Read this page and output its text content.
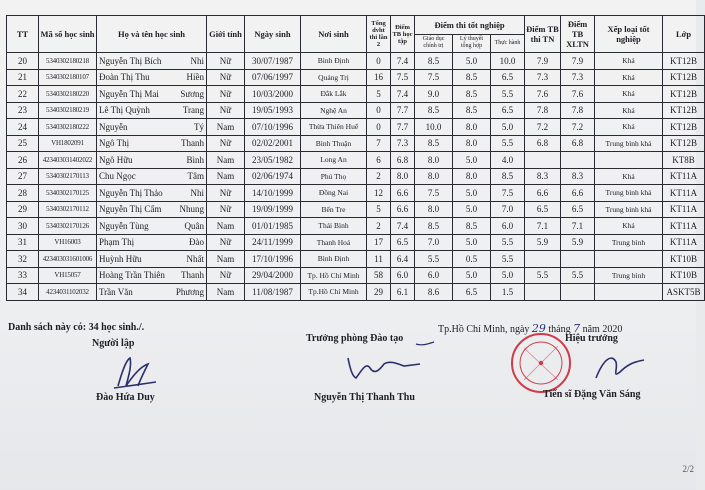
TT	Mã số học sinh	Họ và tên học sinh	Giới tính	Ngày sinh	Nơi sinh	Tổng dvht thi lần 2	Điểm TB học tập	Điểm thi tốt nghiệp			Điểm TB thi TN	Điểm TB XLTN	Xếp loại tốt nghiệp	Lớp
								Giáo dục chính trị	Lý thuyết tổng hợp	Thực hành				
20	5340302180218	Nguyễn Thị Bích Nhi	Nữ	30/07/1987	Bình Định	0	7.4	8.5	5.0	10.0	7.9	7.9	Khá	KT12B
21	5340302180107	Đoàn Thị Thu Hiền	Nữ	07/06/1997	Quảng Trị	16	7.5	7.5	8.5	6.5	7.3	7.3	Khá	KT12B
22	5340302180220	Nguyễn Thị Mai Sương	Nữ	10/03/2000	Đắk Lắk	5	7.4	9.0	8.5	5.5	7.6	7.6	Khá	KT12B
23	5340302180219	Lê Thị Quỳnh Trang	Nữ	19/05/1993	Nghệ An	0	7.7	8.5	8.5	6.5	7.8	7.8	Khá	KT12B
24	5340302180222	Nguyễn Tý	Nam	07/10/1996	Thừa Thiên Huế	0	7.7	10.0	8.0	5.0	7.2	7.2	Khá	KT12B
25	VH1802091	Ngô Thị Thanh	Nữ	02/02/2001	Bình Thuận	7	7.3	8.5	8.0	5.5	6.8	6.8	Trung bình khá	KT12B
26	423403031402022	Ngô Hữu Bình	Nam	23/05/1982	Long An	6	6.8	8.0	5.0	4.0				KT8B
27	5340302170113	Chu Ngọc Tâm	Nam	02/06/1974	Phú Thọ	2	8.0	8.0	8.0	8.5	8.3	8.3	Khá	KT11A
28	5340302170125	Nguyễn Thị Thảo Nhi	Nữ	14/10/1999	Đồng Nai	12	6.6	7.5	5.0	7.5	6.6	6.6	Trung bình khá	KT11A
29	5340302170112	Nguyễn Thị Cẩm Nhung	Nữ	19/09/1999	Bến Tre	5	6.6	8.0	5.0	7.0	6.5	6.5	Trung bình khá	KT11A
30	5340302170126	Nguyễn Tùng Quân	Nam	01/01/1985	Thái Bình	2	7.4	8.5	8.5	6.0	7.1	7.1	Khá	KT11A
31	VH16003	Phạm Thị Đào	Nữ	24/11/1999	Thanh Hoá	17	6.5	7.0	5.0	5.5	5.9	5.9	Trung bình	KT11A
32	423403031601006	Huỳnh Hữu Nhất	Nam	17/10/1996	Bình Định	11	6.4	5.5	0.5	5.5				KT10B
33	VH15057	Hoàng Trần Thiên Thanh	Nữ	29/04/2000	Tp. Hồ Chí Minh	58	6.0	6.0	5.0	5.0	5.5	5.5	Trung bình	KT10B
34	4234031102032	Trần Văn Phương	Nam	11/08/1987	Tp.Hồ Chí Minh	29	6.1	8.6	6.5	1.5				ASKT5B
Danh sách này có: 34 học sinh./.	Tp.Hồ Chí Minh, ngày 29 tháng 7 năm 2020
Người lập	Trưởng phòng Đào tạo	Hiệu trưởng
Đào Hứa Duy	Nguyễn Thị Thanh Thu	Tiến sĩ Đặng Văn Sáng
2/2
